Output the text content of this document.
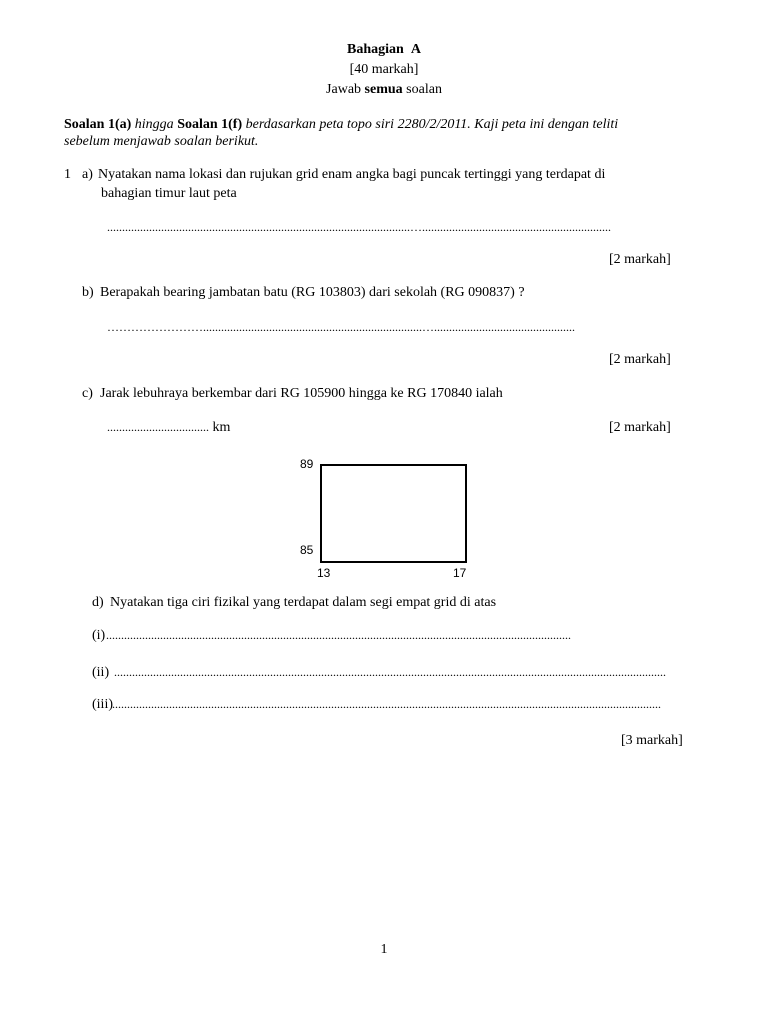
Bahagian A
[40 markah]
Jawab semua soalan
Soalan 1(a) hingga Soalan 1(f) berdasarkan peta topo siri 2280/2/2011. Kaji peta ini dengan teliti
sebelum menjawab soalan berikut.
1 a) Nyatakan nama lokasi dan rujukan grid enam angka bagi puncak tertinggi yang terdapat di
bahagian timur laut peta
.....................................................................................................…...............................................................
[2 markah]
b) Berapakah bearing jambatan batu (RG 103803) dari sekolah (RG 090837) ?
…………………….........................................................................…...............................................
[2 markah]
c) Jarak lebuhraya berkembar dari RG 105900 hingga ke RG 170840 ialah
.................................. km	[2 markah]
89
85
13	17
d) Nyatakan tiga ciri fizikal yang terdapat dalam segi empat grid di atas
(i) ...........................................................................................................................................................
(ii) ........................................................................................................................................................................................
(iii) .......................................................................................................................................................................................
[3 markah]
1
